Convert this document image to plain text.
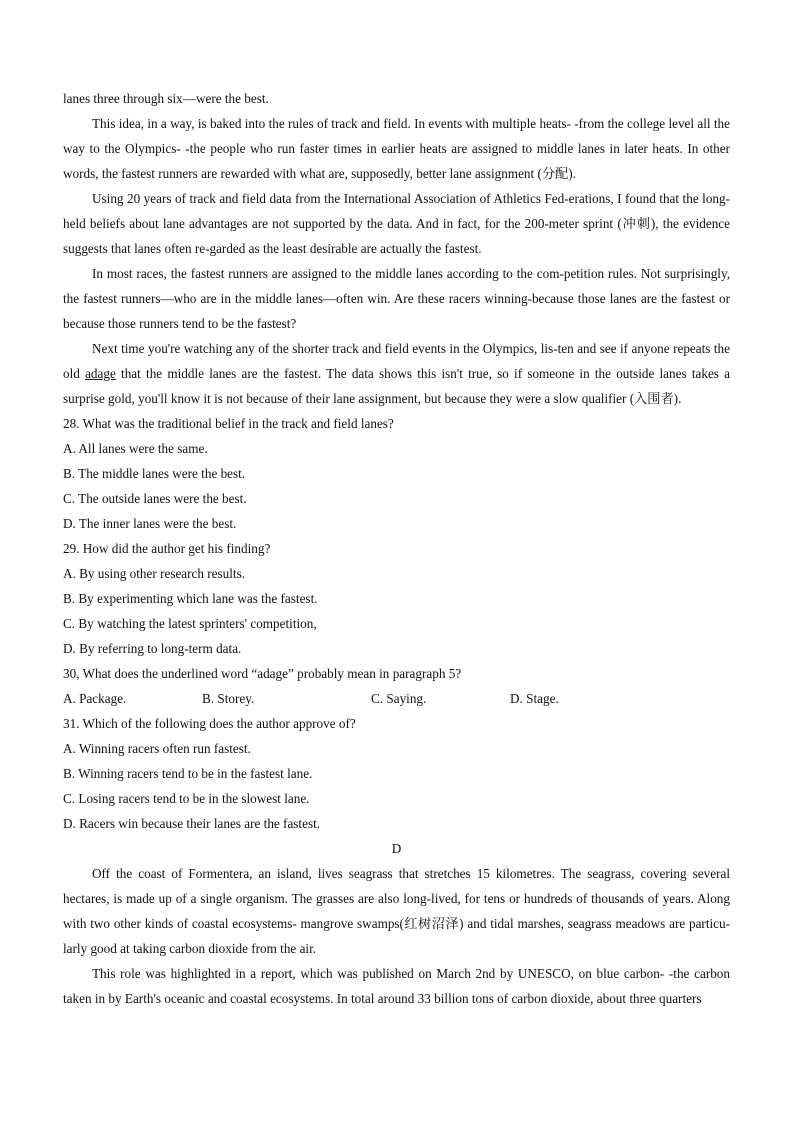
lanes three through six—were the best.

This idea, in a way, is baked into the rules of track and field. In events with multiple heats- -from the college level all the way to the Olympics- -the people who run faster times in earlier heats are assigned to middle lanes in later heats. In other words, the fastest runners are rewarded with what are, supposedly, better lane assignment (分配).

Using 20 years of track and field data from the International Association of Athletics Fed-erations, I found that the long-held beliefs about lane advantages are not supported by the data. And in fact, for the 200-meter sprint (冲刺), the evidence suggests that lanes often re-garded as the least desirable are actually the fastest.

In most races, the fastest runners are assigned to the middle lanes according to the com-petition rules. Not surprisingly, the fastest runners—who are in the middle lanes—often win. Are these racers winning-because those lanes are the fastest or because those runners tend to be the fastest?

Next time you're watching any of the shorter track and field events in the Olympics, lis-ten and see if anyone repeats the old adage that the middle lanes are the fastest. The data shows this isn't true, so if someone in the outside lanes takes a surprise gold, you'll know it is not because of their lane assignment, but because they were a slow qualifier (入围者).

28. What was the traditional belief in the track and field lanes?

A. All lanes were the same.

B. The middle lanes were the best.

C. The outside lanes were the best.

D. The inner lanes were the best.

29. How did the author get his finding?

A. By using other research results.

B. By experimenting which lane was the fastest.

C. By watching the latest sprinters' competition,

D. By referring to long-term data.

30, What does the underlined word “adage” probably mean in paragraph 5?

A. Package.	B. Storey.	C. Saying.	D. Stage.

31. Which of the following does the author approve of?

A. Winning racers often run fastest.

B. Winning racers tend to be in the fastest lane.

C. Losing racers tend to be in the slowest lane.

D. Racers win because their lanes are the fastest.

D

Off the coast of Formentera, an island, lives seagrass that stretches 15 kilometres. The seagrass, covering several hectares, is made up of a single organism. The grasses are also long-lived, for tens or hundreds of thousands of years. Along with two other kinds of coastal ecosystems- mangrove swamps(红树沼泽) and tidal marshes, seagrass meadows are particu-larly good at taking carbon dioxide from the air.

This role was highlighted in a report, which was published on March 2nd by UNESCO, on blue carbon- -the carbon taken in by Earth's oceanic and coastal ecosystems. In total around 33 billion tons of carbon dioxide, about three quarters
